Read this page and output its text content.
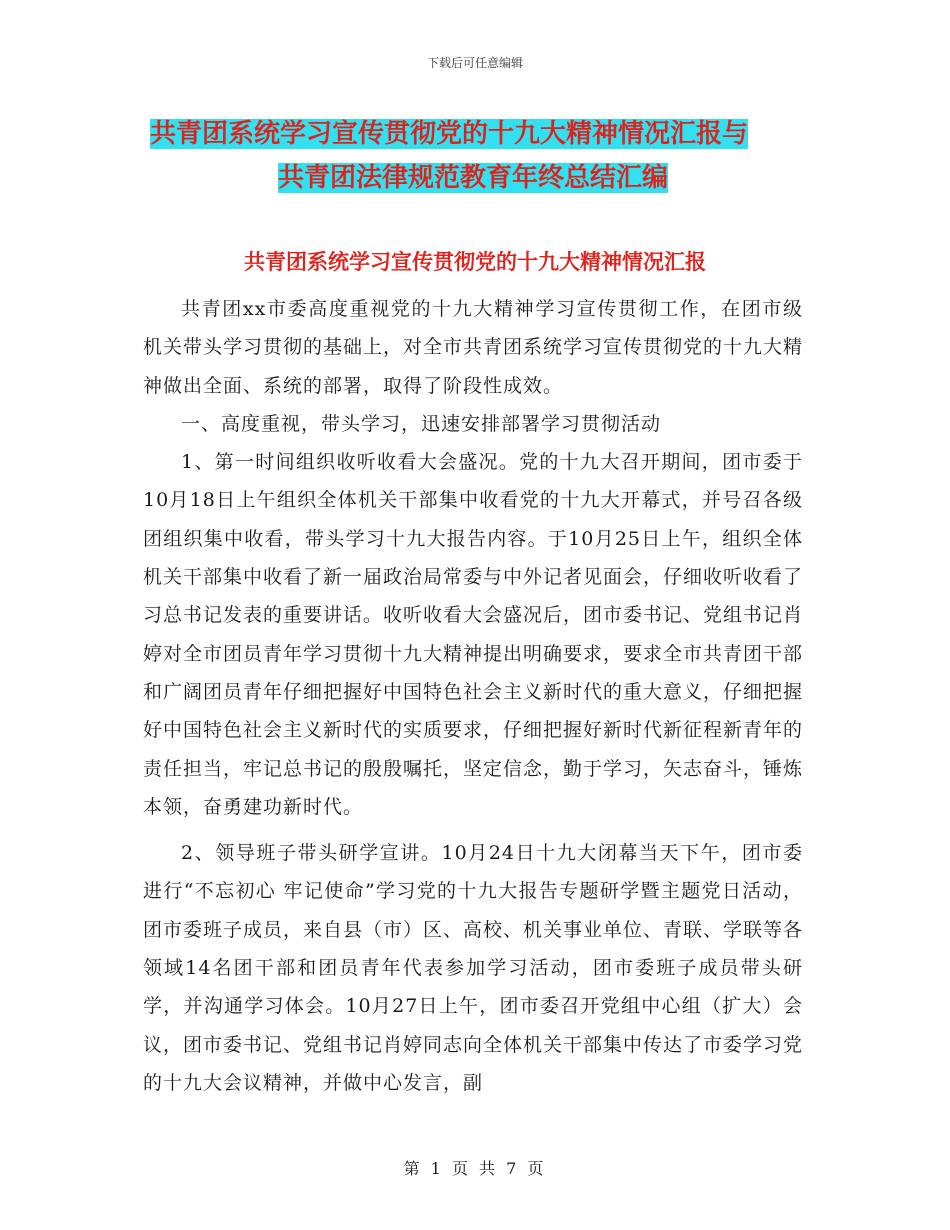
下载后可任意编辑
共青团系统学习宣传贯彻党的十九大精神情况汇报与
共青团法律规范教育年终总结汇编
共青团系统学习宣传贯彻党的十九大精神情况汇报

共青团xx市委高度重视党的十九大精神学习宣传贯彻工作，在团市级机关带头学习贯彻的基础上，对全市共青团系统学习宣传贯彻党的十九大精神做出全面、系统的部署，取得了阶段性成效。

一、高度重视，带头学习，迅速安排部署学习贯彻活动

1、第一时间组织收听收看大会盛况。党的十九大召开期间，团市委于10月18日上午组织全体机关干部集中收看党的十九大开幕式，并号召各级团组织集中收看，带头学习十九大报告内容。于10月25日上午，组织全体机关干部集中收看了新一届政治局常委与中外记者见面会，仔细收听收看了习总书记发表的重要讲话。收听收看大会盛况后，团市委书记、党组书记肖婷对全市团员青年学习贯彻十九大精神提出明确要求，要求全市共青团干部和广阔团员青年仔细把握好中国特色社会主义新时代的重大意义，仔细把握好中国特色社会主义新时代的实质要求，仔细把握好新时代新征程新青年的责任担当，牢记总书记的殷殷嘱托，坚定信念，勤于学习，矢志奋斗，锤炼本领，奋勇建功新时代。

2、领导班子带头研学宣讲。10月24日十九大闭幕当天下午，团市委进行“不忘初心 牢记使命”学习党的十九大报告专题研学暨主题党日活动，团市委班子成员，来自县（市）区、高校、机关事业单位、青联、学联等各领域14名团干部和团员青年代表参加学习活动，团市委班子成员带头研学，并沟通学习体会。10月27日上午，团市委召开党组中心组（扩大）会议，团市委书记、党组书记肖婷同志向全体机关干部集中传达了市委学习党的十九大会议精神，并做中心发言，副

第 1 页 共 7 页
